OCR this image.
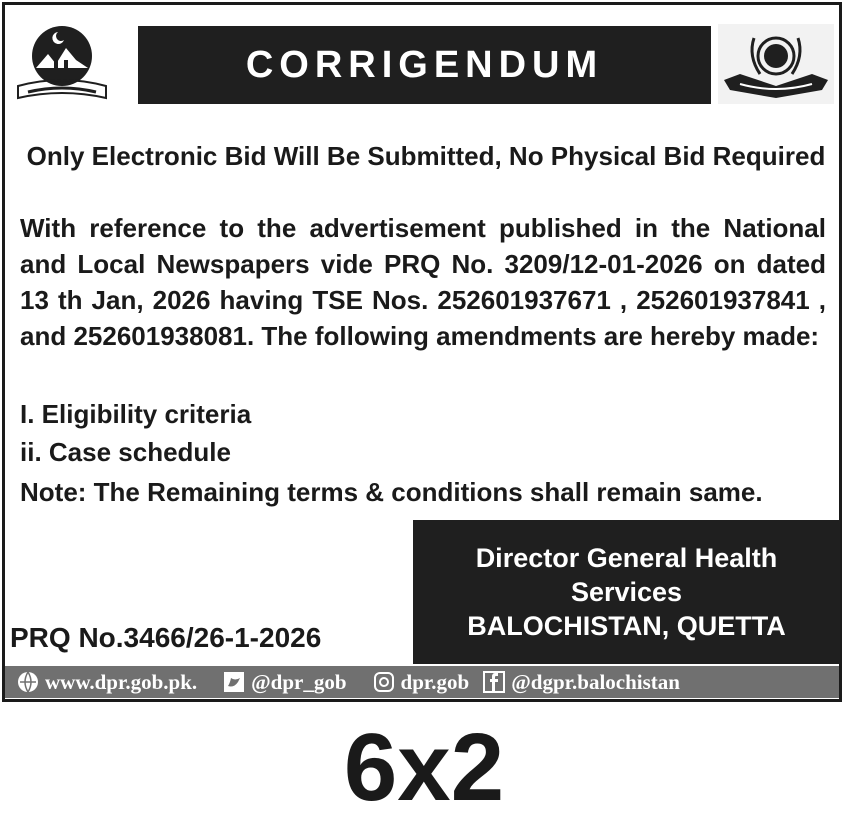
CORRIGENDUM
Only Electronic Bid Will Be Submitted, No Physical Bid Required
With reference to the advertisement published in the National and Local Newspapers vide PRQ No. 3209/12-01-2026 on dated 13 th Jan, 2026 having TSE Nos. 252601937671 , 252601937841 , and 252601938081. The following amendments are hereby made:
I. Eligibility criteria
ii. Case schedule
Note: The Remaining terms & conditions shall remain same.
Director General Health
Services
BALOCHISTAN, QUETTA
PRQ No.3466/26-1-2026
www.dpr.gob.pk.	@dpr_gob	dpr.gob @dgpr.balochistan
6x2
